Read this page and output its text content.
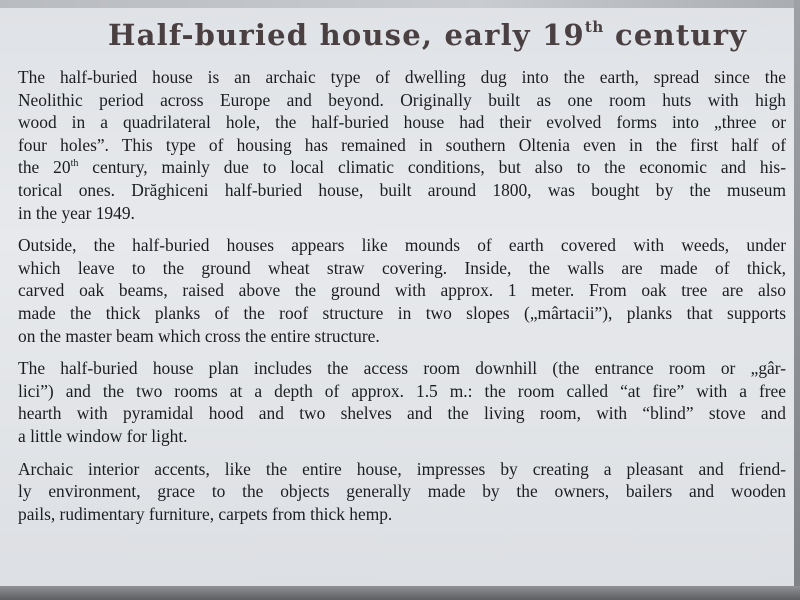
Half-buried house, early 19th century
The half-buried house is an archaic type of dwelling dug into the earth, spread since the
Neolithic period across Europe and beyond. Originally built as one room huts with high
wood in a quadrilateral hole, the half-buried house had their evolved forms into „three or
four holes”. This type of housing has remained in southern Oltenia even in the first half of
the 20th century, mainly due to local climatic conditions, but also to the economic and his-
torical ones. Drăghiceni half-buried house, built around 1800, was bought by the museum
in the year 1949.
Outside, the half-buried houses appears like mounds of earth covered with weeds, under
which leave to the ground wheat straw covering. Inside, the walls are made of thick,
carved oak beams, raised above the ground with approx. 1 meter. From oak tree are also
made the thick planks of the roof structure in two slopes („mârtacii”), planks that supports
on the master beam which cross the entire structure.
The half-buried house plan includes the access room downhill (the entrance room or „gâr-
lici”) and the two rooms at a depth of approx. 1.5 m.: the room called “at fire” with a free
hearth with pyramidal hood and two shelves and the living room, with “blind” stove and
a little window for light.
Archaic interior accents, like the entire house, impresses by creating a pleasant and friend-
ly environment, grace to the objects generally made by the owners, bailers and wooden
pails, rudimentary furniture, carpets from thick hemp.
